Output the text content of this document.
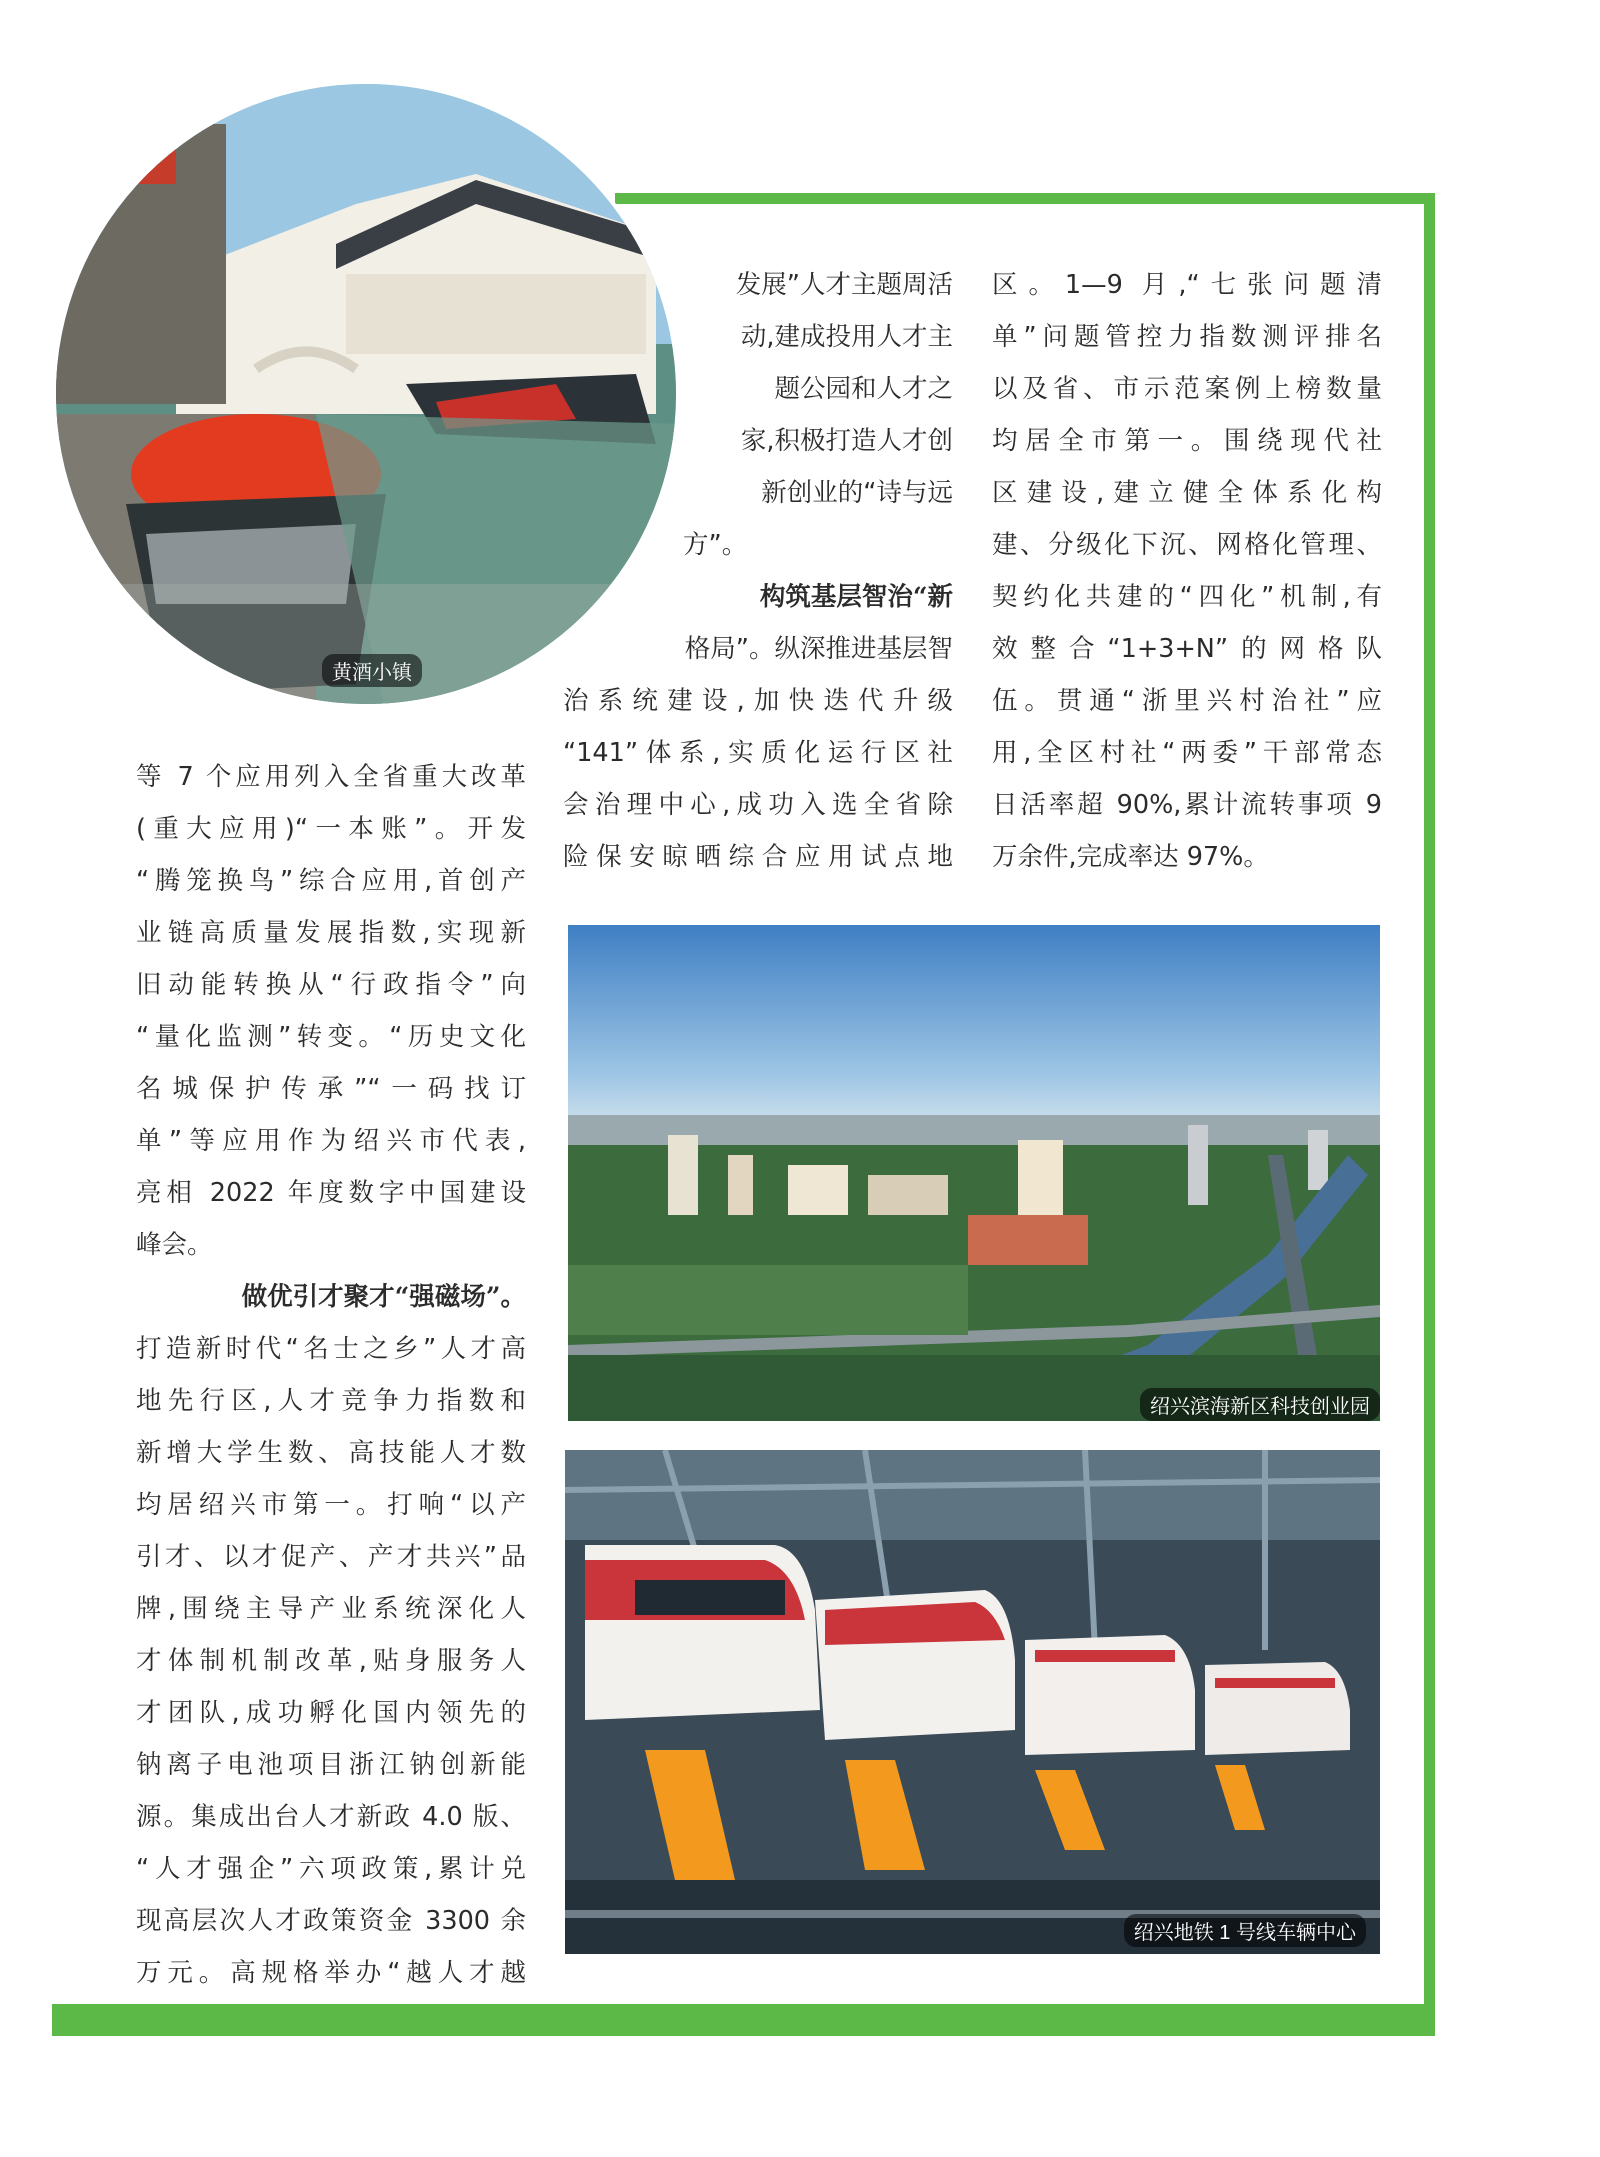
黄酒小镇
等 7 个应用列入全省重大改革
(重大应用)“一本账”。开发
“腾笼换鸟”综合应用,首创产
业链高质量发展指数,实现新
旧动能转换从“行政指令”向
“量化监测”转变。“历史文化
名城保护传承”“一码找订
单”等应用作为绍兴市代表,
亮相 2022 年度数字中国建设
峰会。
做优引才聚才“强磁场”。
打造新时代“名士之乡”人才高
地先行区,人才竞争力指数和
新增大学生数、高技能人才数
均居绍兴市第一。打响“以产
引才、以才促产、产才共兴”品
牌,围绕主导产业系统深化人
才体制机制改革,贴身服务人
才团队,成功孵化国内领先的
钠离子电池项目浙江钠创新能
源。集成出台人才新政 4.0 版、
“人才强企”六项政策,累计兑
现高层次人才政策资金 3300 余
万元。高规格举办“越人才越
发展”人才主题周活
动,建成投用人才主
题公园和人才之
家,积极打造人才创
新创业的“诗与远
方”。
构筑基层智治“新
格局”。纵深推进基层智
治系统建设,加快迭代升级
“141”体系,实质化运行区社
会治理中心,成功入选全省除
险保安晾晒综合应用试点地
区。1—9 月,“七张问题清
单”问题管控力指数测评排名
以及省、市示范案例上榜数量
均居全市第一。围绕现代社
区建设,建立健全体系化构
建、分级化下沉、网格化管理、
契约化共建的“四化”机制,有
效整合“1+3+N”的网格队
伍。贯通“浙里兴村治社”应
用,全区村社“两委”干部常态
日活率超 90%,累计流转事项 9
万余件,完成率达 97%。
绍兴滨海新区科技创业园
绍兴地铁 1 号线车辆中心
